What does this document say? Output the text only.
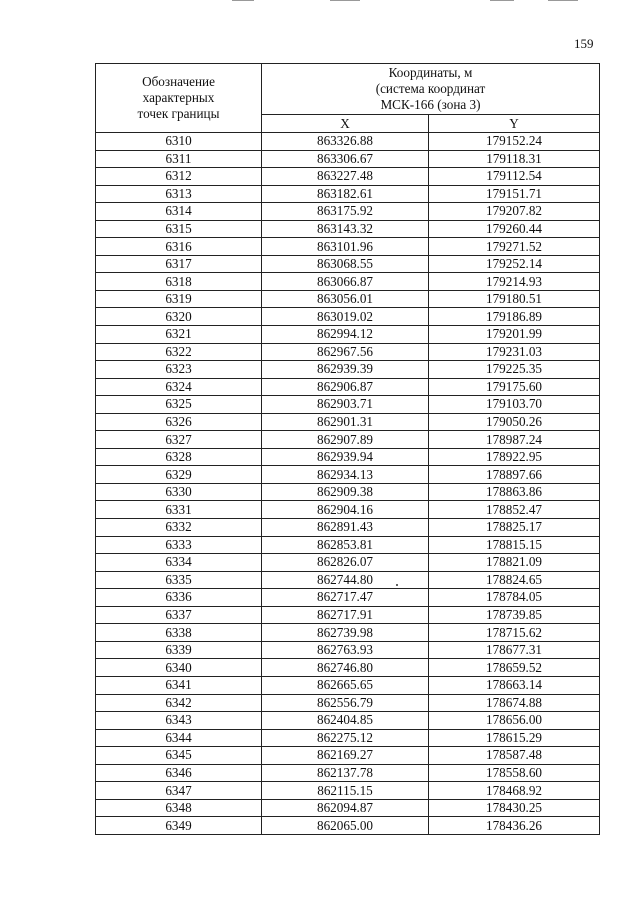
159
Обозначение
характерных
точек границы	Координаты, м
(система координат
МСК-166 (зона 3)	

	X	Y
6310	863326.88	179152.24
6311	863306.67	179118.31
6312	863227.48	179112.54
6313	863182.61	179151.71
6314	863175.92	179207.82
6315	863143.32	179260.44
6316	863101.96	179271.52
6317	863068.55	179252.14
6318	863066.87	179214.93
6319	863056.01	179180.51
6320	863019.02	179186.89
6321	862994.12	179201.99
6322	862967.56	179231.03
6323	862939.39	179225.35
6324	862906.87	179175.60
6325	862903.71	179103.70
6326	862901.31	179050.26
6327	862907.89	178987.24
6328	862939.94	178922.95
6329	862934.13	178897.66
6330	862909.38	178863.86
6331	862904.16	178852.47
6332	862891.43	178825.17
6333	862853.81	178815.15
6334	862826.07	178821.09
6335	862744.80	178824.65
6336	862717.47	178784.05
6337	862717.91	178739.85
6338	862739.98	178715.62
6339	862763.93	178677.31
6340	862746.80	178659.52
6341	862665.65	178663.14
6342	862556.79	178674.88
6343	862404.85	178656.00
6344	862275.12	178615.29
6345	862169.27	178587.48
6346	862137.78	178558.60
6347	862115.15	178468.92
6348	862094.87	178430.25
6349	862065.00	178436.26
